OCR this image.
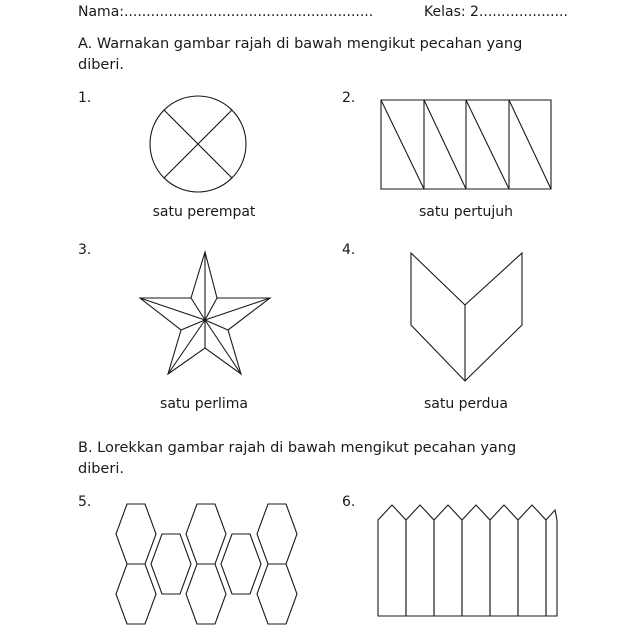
Nama:........................................................	Kelas: 2....................
A. Warnakan gambar rajah di bawah mengikut pecahan yang
diberi.
1.	2.
3.	4.
satu perempat	satu pertujuh
satu perlima	satu perdua
B. Lorekkan gambar rajah di bawah mengikut pecahan yang
diberi.
5.	6.
